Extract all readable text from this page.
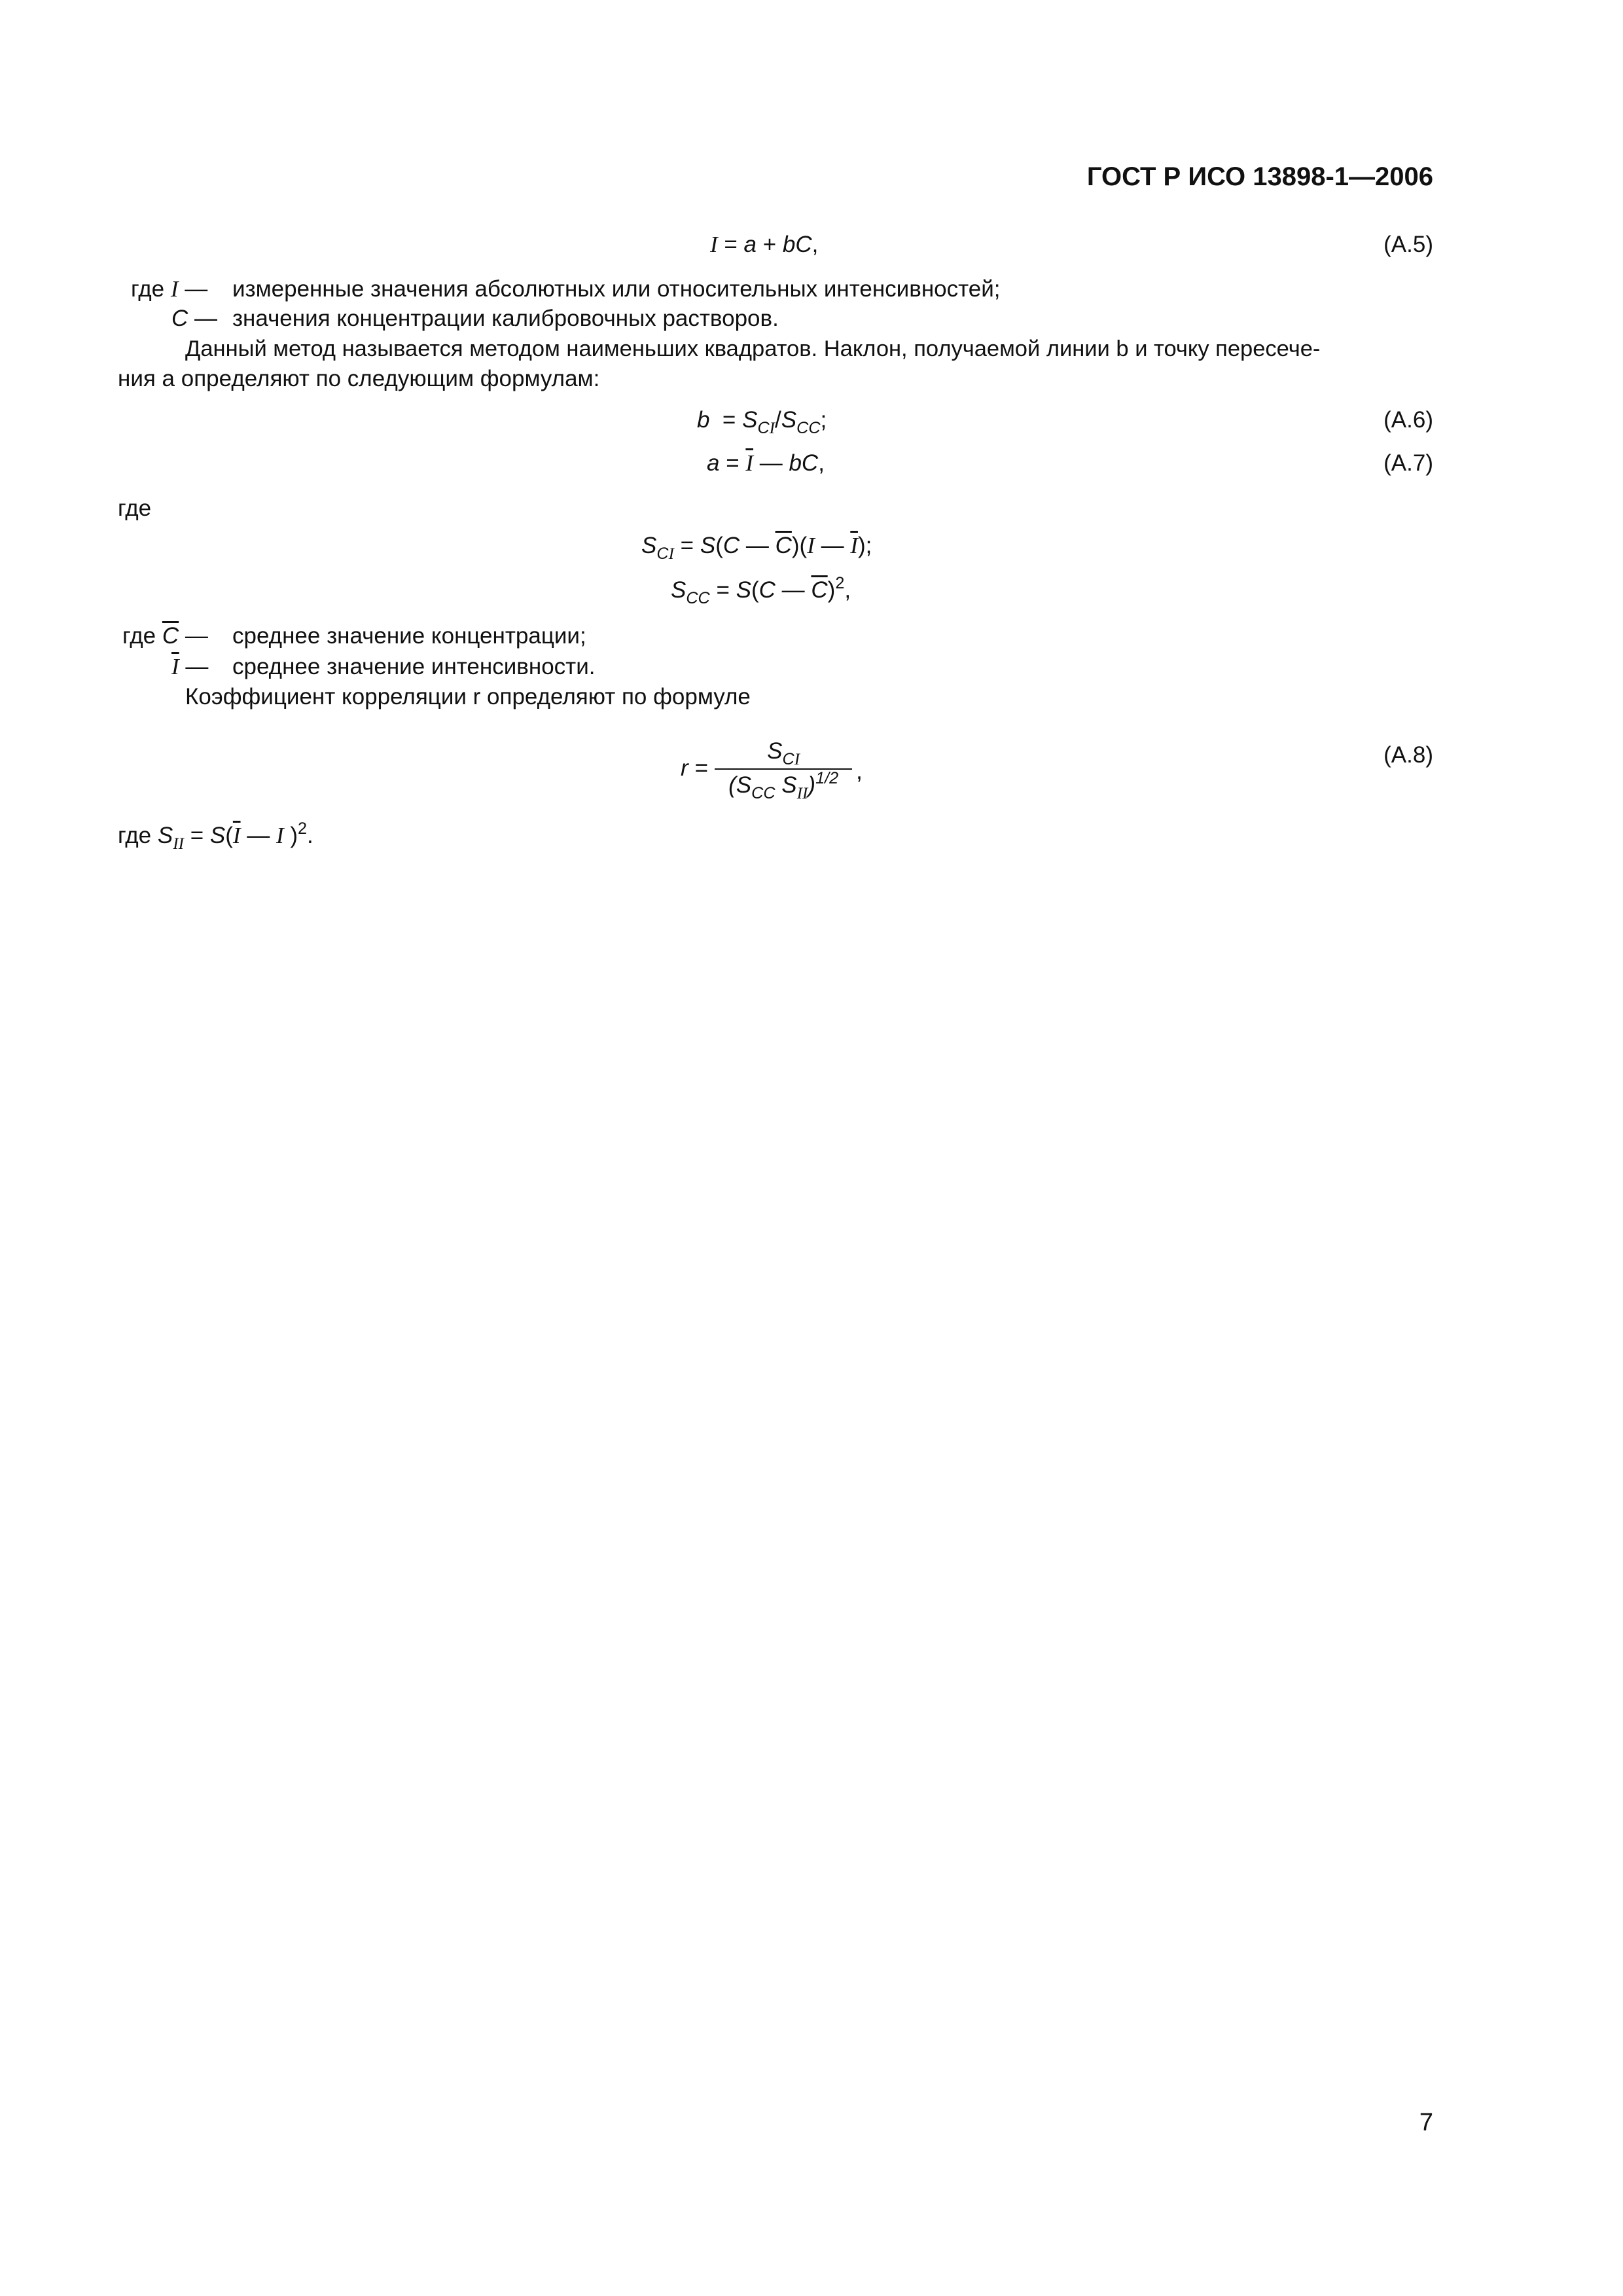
ГОСТ Р ИСО 13898-1—2006
I = a + bC,	(A.5)
где I — измеренные значения абсолютных или относительных интенсивностей;
C — значения концентрации калибровочных растворов.
Данный метод называется методом наименьших квадратов. Наклон, получаемой линии b и точку пересече-
ния a определяют по следующим формулам:
$b = S_{CI}/S_{CC}$;	(A.6)
$a = \overline{I}$ — bC,	(A.7)
где
$S_{CI} = S(C$ — $\overline{C})(I$ — $\overline{I}$);
$S_{CC} = S(C$ — $\overline{C})^2$,
где $\overline{C}$ — среднее значение концентрации;
$\overline{I}$ — среднее значение интенсивности.
Коэффициент корреляции r определяют по формуле
$r = \frac{S_{CI}}{(S_{CC} S_{II})^{1/2}}$ ,
(A.8)
где $S_{II} = S(\overline{I}$ — I )$^2$.
7
